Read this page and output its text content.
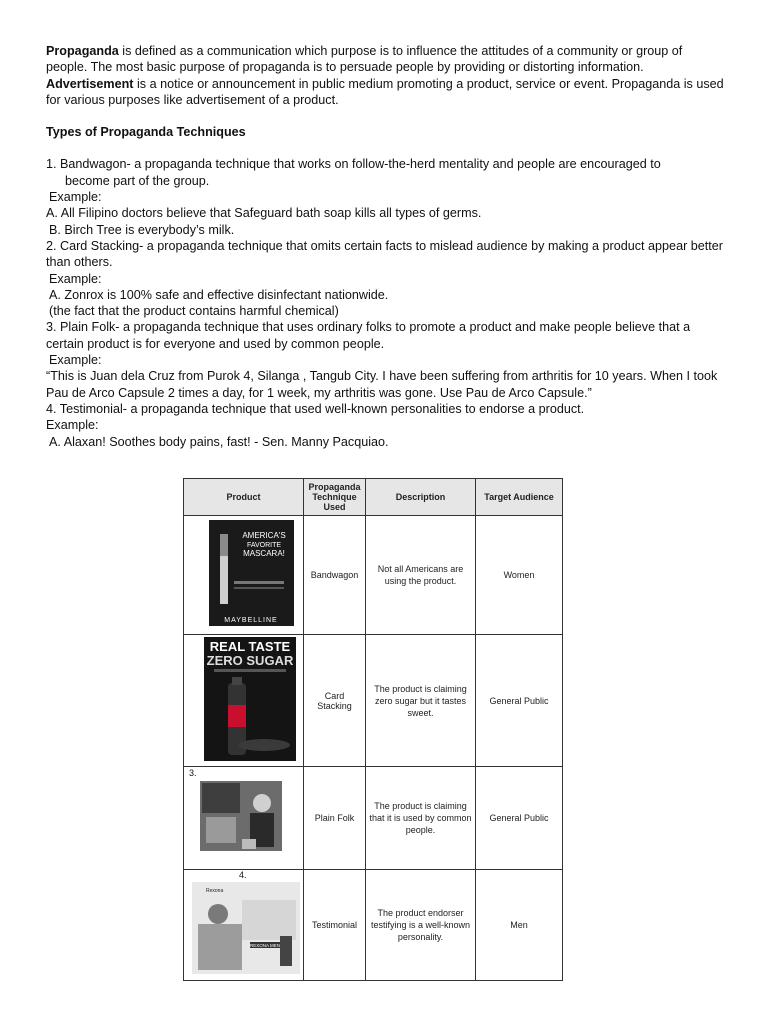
Propaganda is defined as a communication which purpose is to influence the attitudes of a community or group of people. The most basic purpose of propaganda is to persuade people by providing or distorting information.

Advertisement is a notice or announcement in public medium promoting a product, service or event. Propaganda is used for various purposes like advertisement of a product.

Types of Propaganda Techniques

1. Bandwagon- a propaganda technique that works on follow-the-herd mentality and people are encouraged to

become part of the group.

Example:

A. All Filipino doctors believe that Safeguard bath soap kills all types of germs.

B. Birch Tree is everybody’s milk.

2. Card Stacking- a propaganda technique that omits certain facts to mislead audience by making a product appear better than others.

Example:

A. Zonrox is 100% safe and effective disinfectant nationwide.

(the fact that the product contains harmful chemical)

3. Plain Folk- a propaganda technique that uses ordinary folks to promote a product and make people believe that a certain product is for everyone and used by common people.

Example:

“This is Juan dela Cruz from Purok 4, Silanga , Tangub City. I have been suffering from arthritis for 10 years. When I took Pau de Arco Capsule 2 times a day, for 1 week, my arthritis was gone. Use Pau de Arco Capsule.”

4. Testimonial- a propaganda technique that used well-known personalities to endorse a product.

Example:

A. Alaxan! Soothes body pains, fast! - Sen. Manny Pacquiao.

Product	Propaganda Technique Used	Description	Target Audience

AMERICA'S
FAVORITE
MASCARA!
MAYBELLINE	Bandwagon	Not all Americans are using the product.	Women

REAL TASTE
ZERO SUGAR	Card Stacking	The product is claiming zero sugar but it tastes sweet.	General Public

3.	Plain Folk	The product is claiming that it is used by common people.	General Public

4.
Rexona
REXONA MEN	Testimonial	The product endorser testifying is a well-known personality.	Men
